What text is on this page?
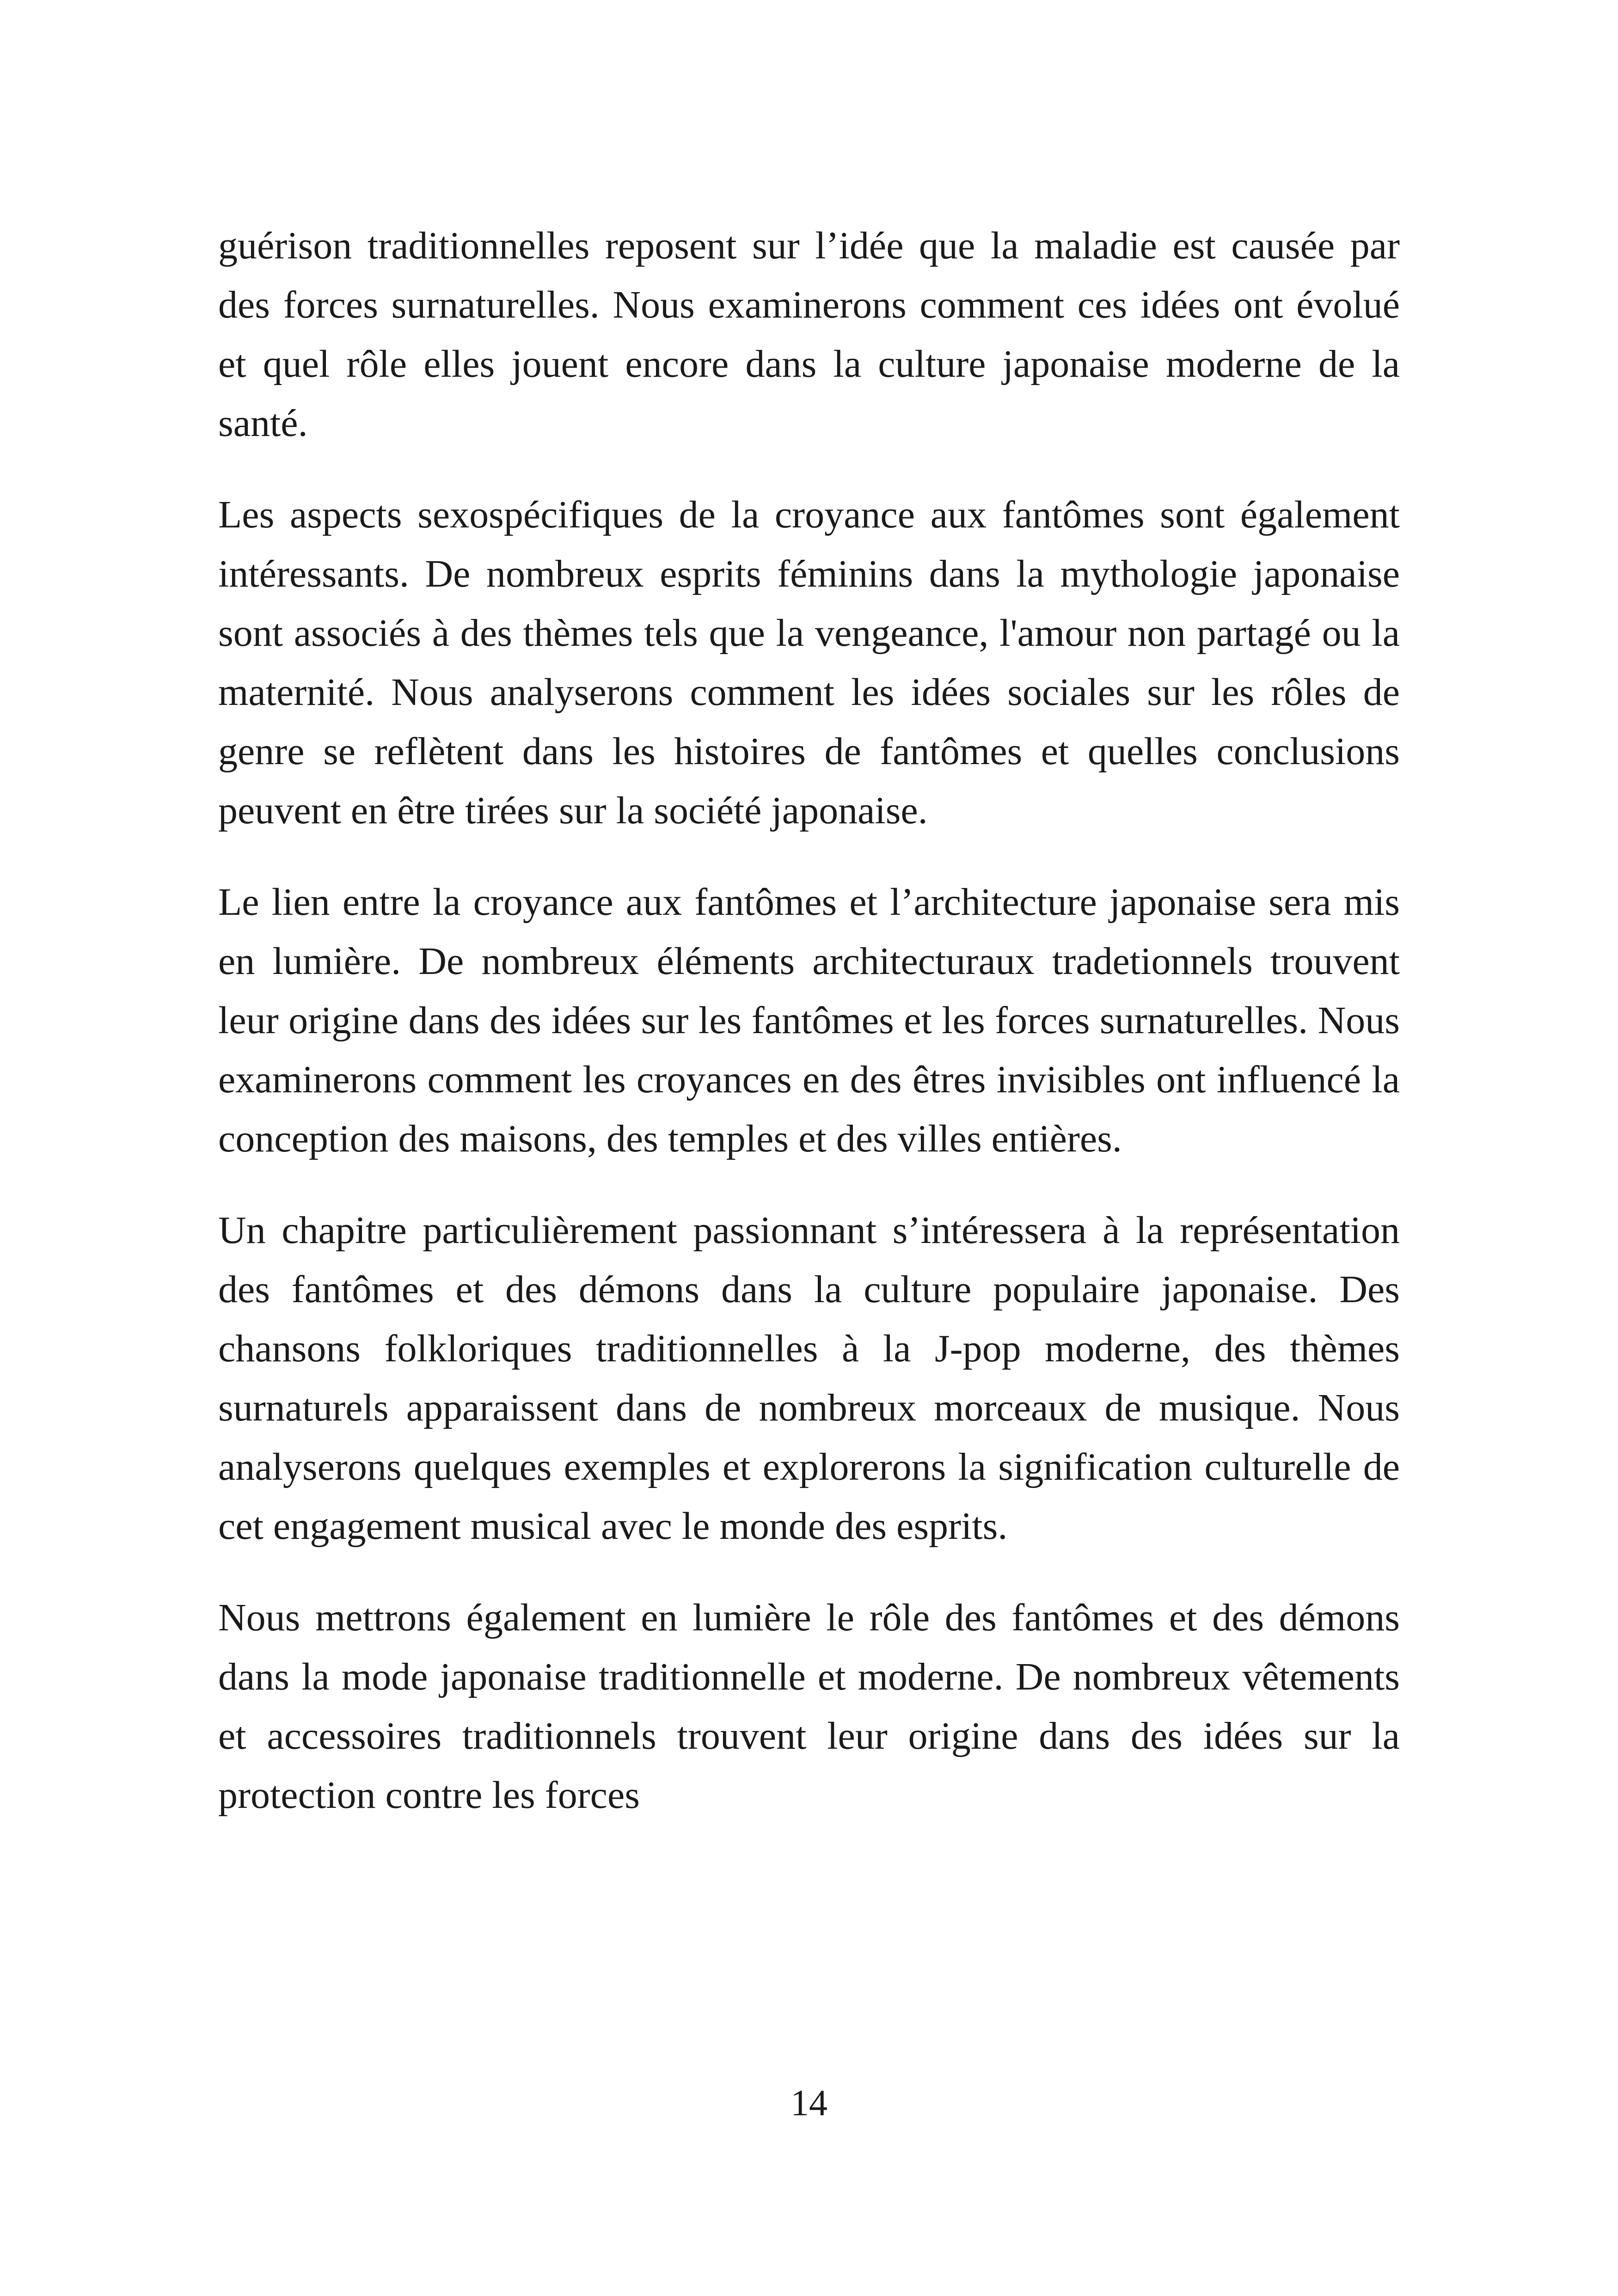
guérison traditionnelles reposent sur l’idée que la maladie est causée par des forces surnaturelles. Nous examinerons comment ces idées ont évolué et quel rôle elles jouent encore dans la culture japonaise moderne de la santé.

Les aspects sexospécifiques de la croyance aux fantômes sont également intéressants. De nombreux esprits féminins dans la mythologie japonaise sont associés à des thèmes tels que la vengeance, l'amour non partagé ou la maternité. Nous analyserons comment les idées sociales sur les rôles de genre se reflètent dans les histoires de fantômes et quelles conclusions peuvent en être tirées sur la société japonaise.

Le lien entre la croyance aux fantômes et l’architecture japonaise sera mis en lumière. De nombreux éléments architecturaux tradetionnels trouvent leur origine dans des idées sur les fantômes et les forces surnaturelles. Nous examinerons comment les croyances en des êtres invisibles ont influencé la conception des maisons, des temples et des villes entières.

Un chapitre particulièrement passionnant s’intéressera à la représentation des fantômes et des démons dans la culture populaire japonaise. Des chansons folkloriques traditionnelles à la J-pop moderne, des thèmes surnaturels apparaissent dans de nombreux morceaux de musique. Nous analyserons quelques exemples et explorerons la signification culturelle de cet engagement musical avec le monde des esprits.

Nous mettrons également en lumière le rôle des fantômes et des démons dans la mode japonaise traditionnelle et moderne. De nombreux vêtements et accessoires traditionnels trouvent leur origine dans des idées sur la protection contre les forces

14
